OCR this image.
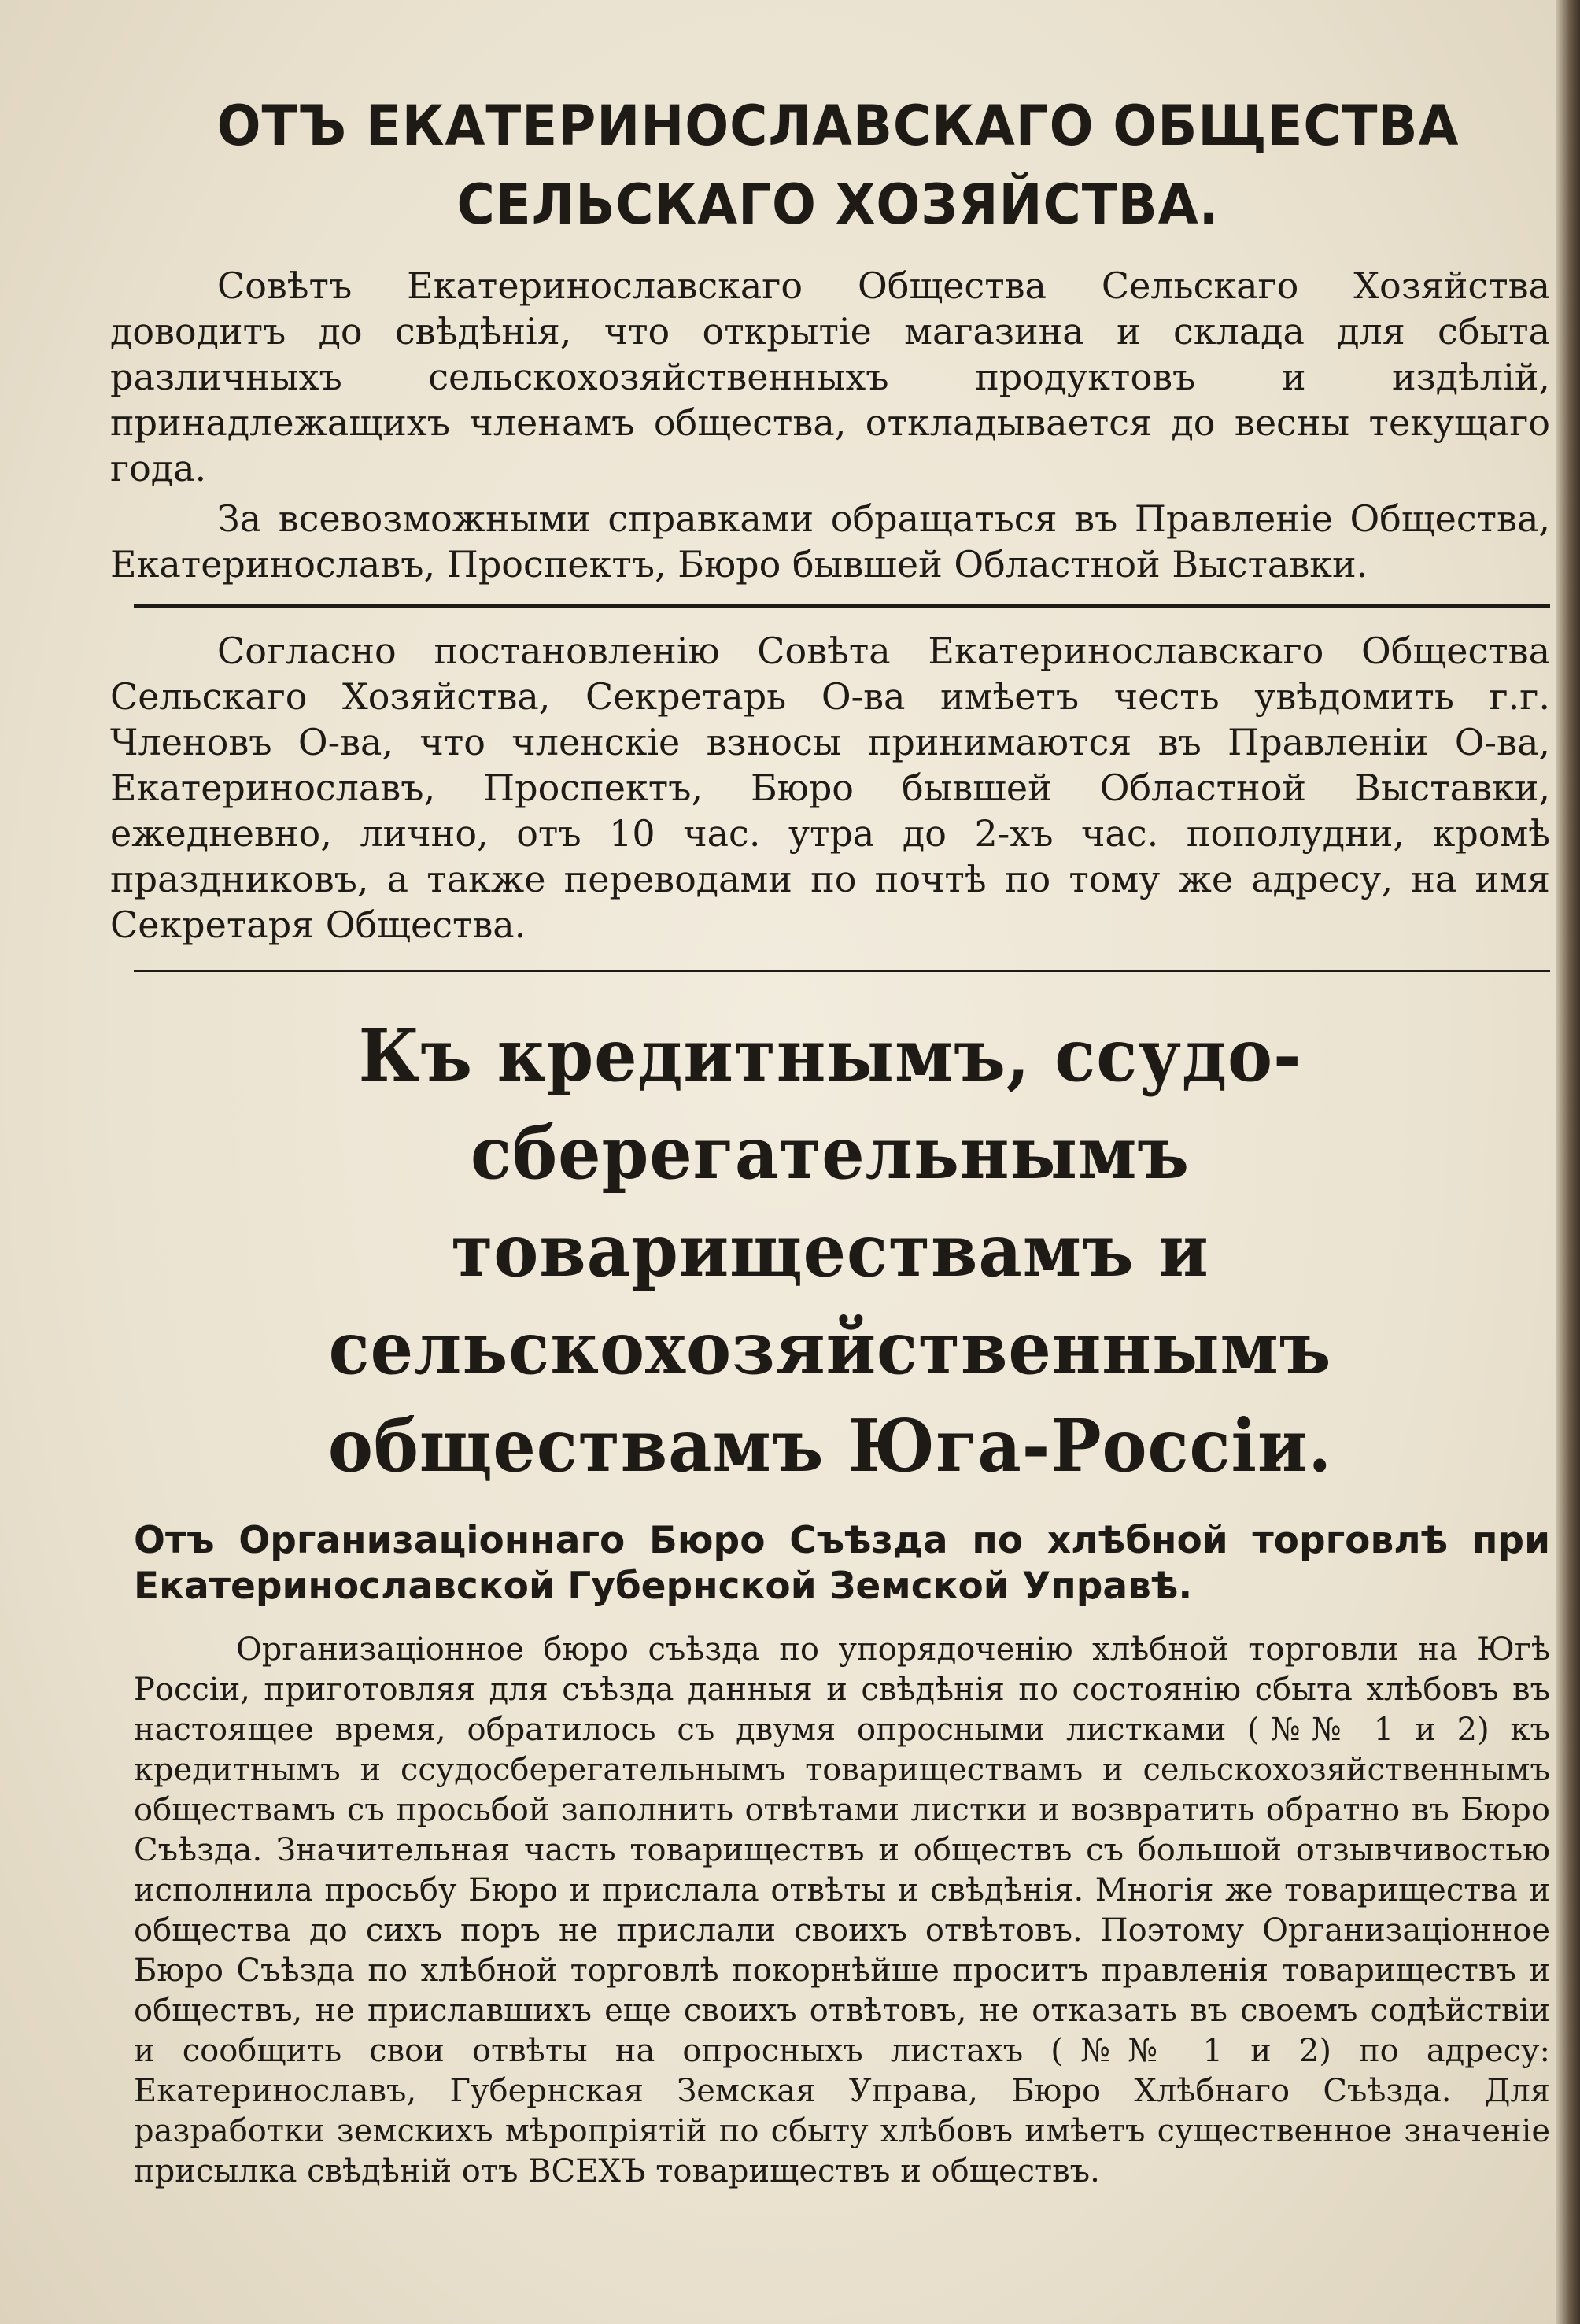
ОТЪ ЕКАТЕРИНОСЛАВСКАГО ОБЩЕСТВА СЕЛЬСКАГО ХОЗЯЙСТВА.

Совѣтъ Екатеринославскаго Общества Сельскаго Хозяйства доводитъ до свѣдѣнія, что открытіе магазина и склада для сбыта различныхъ сельскохозяйственныхъ продуктовъ и издѣлій, принадлежащихъ членамъ общества, откладывается до весны текущаго года.

За всевозможными справками обращаться въ Правленіе Общества, Екатеринославъ, Проспектъ, Бюро бывшей Областной Выставки.

Согласно постановленію Совѣта Екатеринославскаго Общества Сельскаго Хозяйства, Секретарь О-ва имѣетъ честь увѣдомить г.г. Членовъ О-ва, что членскіе взносы принимаются въ Правленіи О-ва, Екатеринославъ, Проспектъ, Бюро бывшей Областной Выставки, ежедневно, лично, отъ 10 час. утра до 2-хъ час. пополудни, кромѣ праздниковъ, а также переводами по почтѣ по тому же адресу, на имя Секретаря Общества.

Къ кредитнымъ, ссудо-сберегательнымъ товариществамъ и сельскохозяйственнымъ обществамъ Юга-Россіи.
Отъ Организаціоннаго Бюро Съѣзда по хлѣбной торговлѣ при Екатеринославской Губернской Земской Управѣ.

Организаціонное бюро съѣзда по упорядоченію хлѣбной торговли на Югѣ Россіи, приготовляя для съѣзда данныя и свѣдѣнія по состоянію сбыта хлѣбовъ въ настоящее время, обратилось съ двумя опросными листками (№№ 1 и 2) къ кредитнымъ и ссудосберегательнымъ товариществамъ и сельскохозяйственнымъ обществамъ съ просьбой заполнить отвѣтами листки и возвратить обратно въ Бюро Съѣзда. Значительная часть товариществъ и обществъ съ большой отзывчивостью исполнила просьбу Бюро и прислала отвѣты и свѣдѣнія. Многія же товарищества и общества до сихъ поръ не прислали своихъ отвѣтовъ. Поэтому Организаціонное Бюро Съѣзда по хлѣбной торговлѣ покорнѣйше проситъ правленія товариществъ и обществъ, не приславшихъ еще своихъ отвѣтовъ, не отказать въ своемъ содѣйствіи и сообщить свои отвѣты на опросныхъ листахъ (№№ 1 и 2) по адресу: Екатеринославъ, Губернская Земская Управа, Бюро Хлѣбнаго Съѣзда. Для разработки земскихъ мѣропріятій по сбыту хлѣбовъ имѣетъ существенное значеніе присылка свѣдѣній отъ ВСЕХЪ товариществъ и обществъ.
